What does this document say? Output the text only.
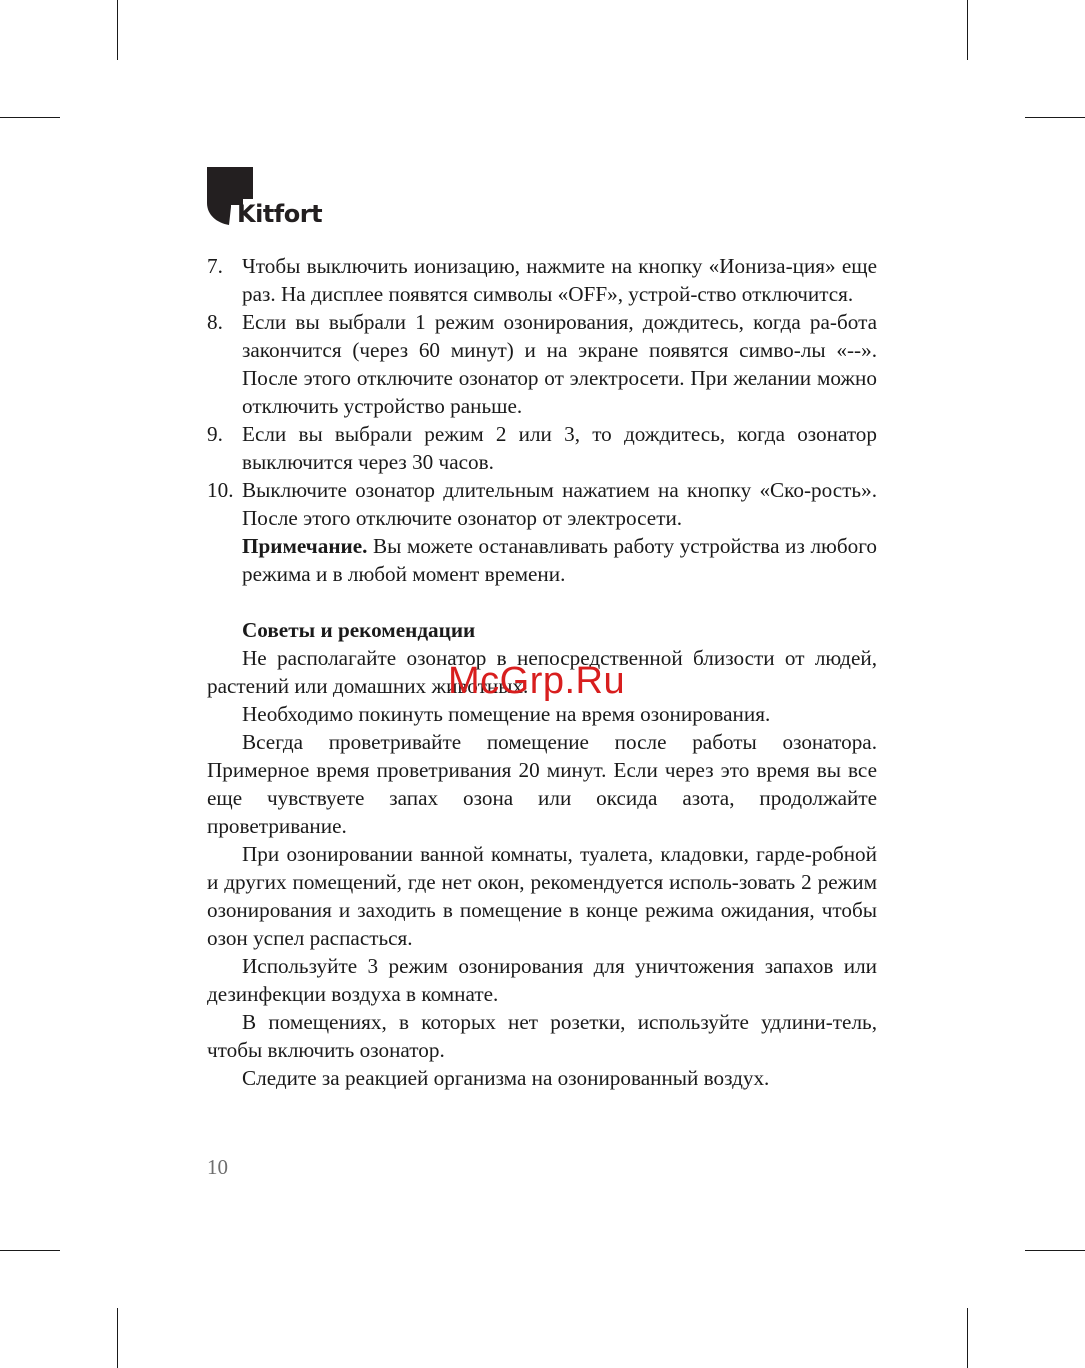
Kitfort

7. Чтобы выключить ионизацию, нажмите на кнопку «Иониза-ция» еще раз. На дисплее появятся символы «OFF», устрой-ство отключится.

8. Если вы выбрали 1 режим озонирования, дождитесь, когда ра-бота закончится (через 60 минут) и на экране появятся симво-лы «--». После этого отключите озонатор от электросети. При желании можно отключить устройство раньше.

9. Если вы выбрали режим 2 или 3, то дождитесь, когда озонатор выключится через 30 часов.

10. Выключите озонатор длительным нажатием на кнопку «Ско-рость». После этого отключите озонатор от электросети.

Примечание. Вы можете останавливать работу устройства из любого режима и в любой момент времени.

Советы и рекомендации

Не располагайте озонатор в непосредственной близости от людей, растений или домашних животных.

Необходимо покинуть помещение на время озонирования.

Всегда проветривайте помещение после работы озонатора. Примерное время проветривания 20 минут. Если через это время вы все еще чувствуете запах озона или оксида азота, продолжайте проветривание.

При озонировании ванной комнаты, туалета, кладовки, гарде-робной и других помещений, где нет окон, рекомендуется исполь-зовать 2 режим озонирования и заходить в помещение в конце режима ожидания, чтобы озон успел распасться.

Используйте 3 режим озонирования для уничтожения запахов или дезинфекции воздуха в комнате.

В помещениях, в которых нет розетки, используйте удлини-тель, чтобы включить озонатор.

Следите за реакцией организма на озонированный воздух.

McGrp.Ru
10
